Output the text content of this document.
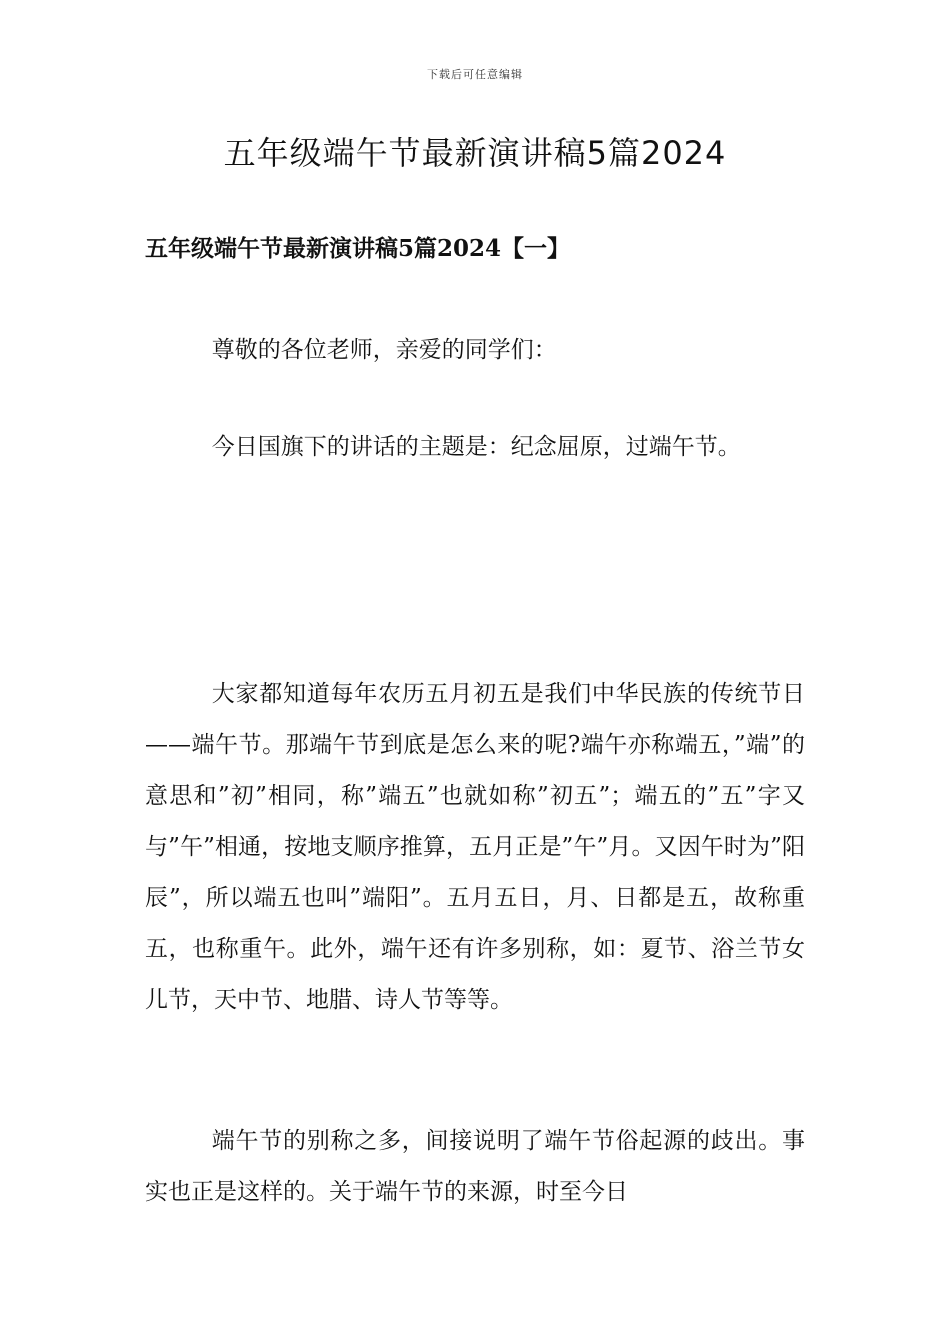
下载后可任意编辑
五年级端午节最新演讲稿5篇2024
五年级端午节最新演讲稿5篇2024【一】

尊敬的各位老师，亲爱的同学们：

今日国旗下的讲话的主题是：纪念屈原，过端午节。

大家都知道每年农历五月初五是我们中华民族的传统节日——端午节。那端午节到底是怎么来的呢?端午亦称端五，”端”的意思和”初”相同，称”端五”也就如称”初五”；端五的”五”字又与”午”相通，按地支顺序推算，五月正是”午”月。又因午时为”阳辰”，所以端五也叫”端阳”。五月五日，月、日都是五，故称重五，也称重午。此外，端午还有许多别称，如：夏节、浴兰节女儿节，天中节、地腊、诗人节等等。

端午节的别称之多，间接说明了端午节俗起源的歧出。事实也正是这样的。关于端午节的来源，时至今日
